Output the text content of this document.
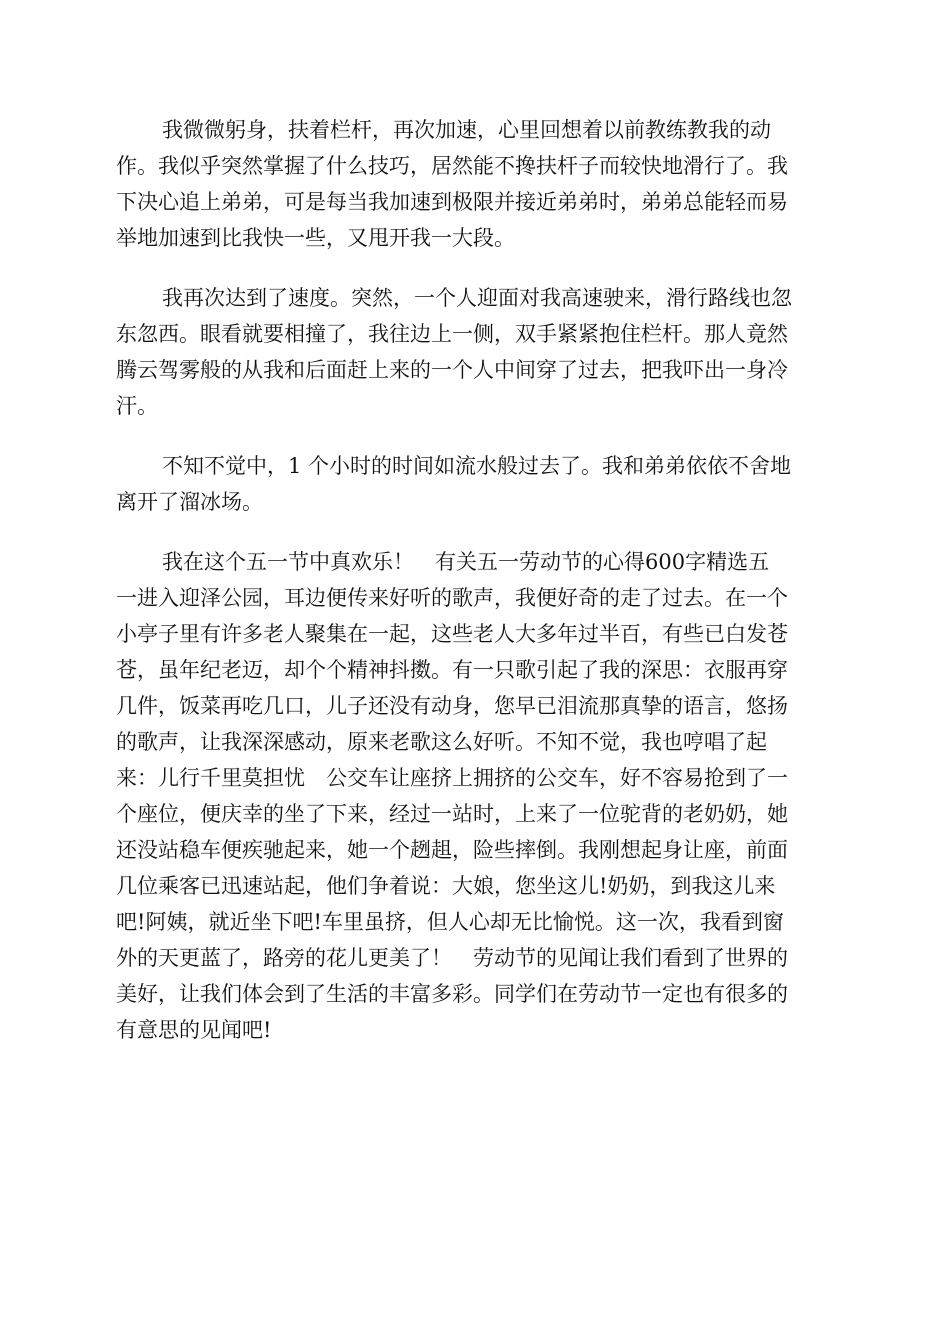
我微微躬身，扶着栏杆，再次加速，心里回想着以前教练教我的动
作。我似乎突然掌握了什么技巧，居然能不搀扶杆子而较快地滑行了。我
下决心追上弟弟，可是每当我加速到极限并接近弟弟时，弟弟总能轻而易
举地加速到比我快一些，又甩开我一大段。
我再次达到了速度。突然，一个人迎面对我高速驶来，滑行路线也忽
东忽西。眼看就要相撞了，我往边上一侧，双手紧紧抱住栏杆。那人竟然
腾云驾雾般的从我和后面赶上来的一个人中间穿了过去，把我吓出一身冷
汗。
不知不觉中，1 个小时的时间如流水般过去了。我和弟弟依依不舍地
离开了溜冰场。
我在这个五一节中真欢乐！　有关五一劳动节的心得600字精选五
一进入迎泽公园，耳边便传来好听的歌声，我便好奇的走了过去。在一个
小亭子里有许多老人聚集在一起，这些老人大多年过半百，有些已白发苍
苍，虽年纪老迈，却个个精神抖擞。有一只歌引起了我的深思：衣服再穿
几件，饭菜再吃几口，儿子还没有动身，您早已泪流那真挚的语言，悠扬
的歌声，让我深深感动，原来老歌这么好听。不知不觉，我也哼唱了起
来：儿行千里莫担忧　公交车让座挤上拥挤的公交车，好不容易抢到了一
个座位，便庆幸的坐了下来，经过一站时，上来了一位驼背的老奶奶，她
还没站稳车便疾驰起来，她一个趔趄，险些摔倒。我刚想起身让座，前面
几位乘客已迅速站起，他们争着说：大娘，您坐这儿!奶奶，到我这儿来
吧!阿姨，就近坐下吧!车里虽挤，但人心却无比愉悦。这一次，我看到窗
外的天更蓝了，路旁的花儿更美了！　劳动节的见闻让我们看到了世界的
美好，让我们体会到了生活的丰富多彩。同学们在劳动节一定也有很多的
有意思的见闻吧!
